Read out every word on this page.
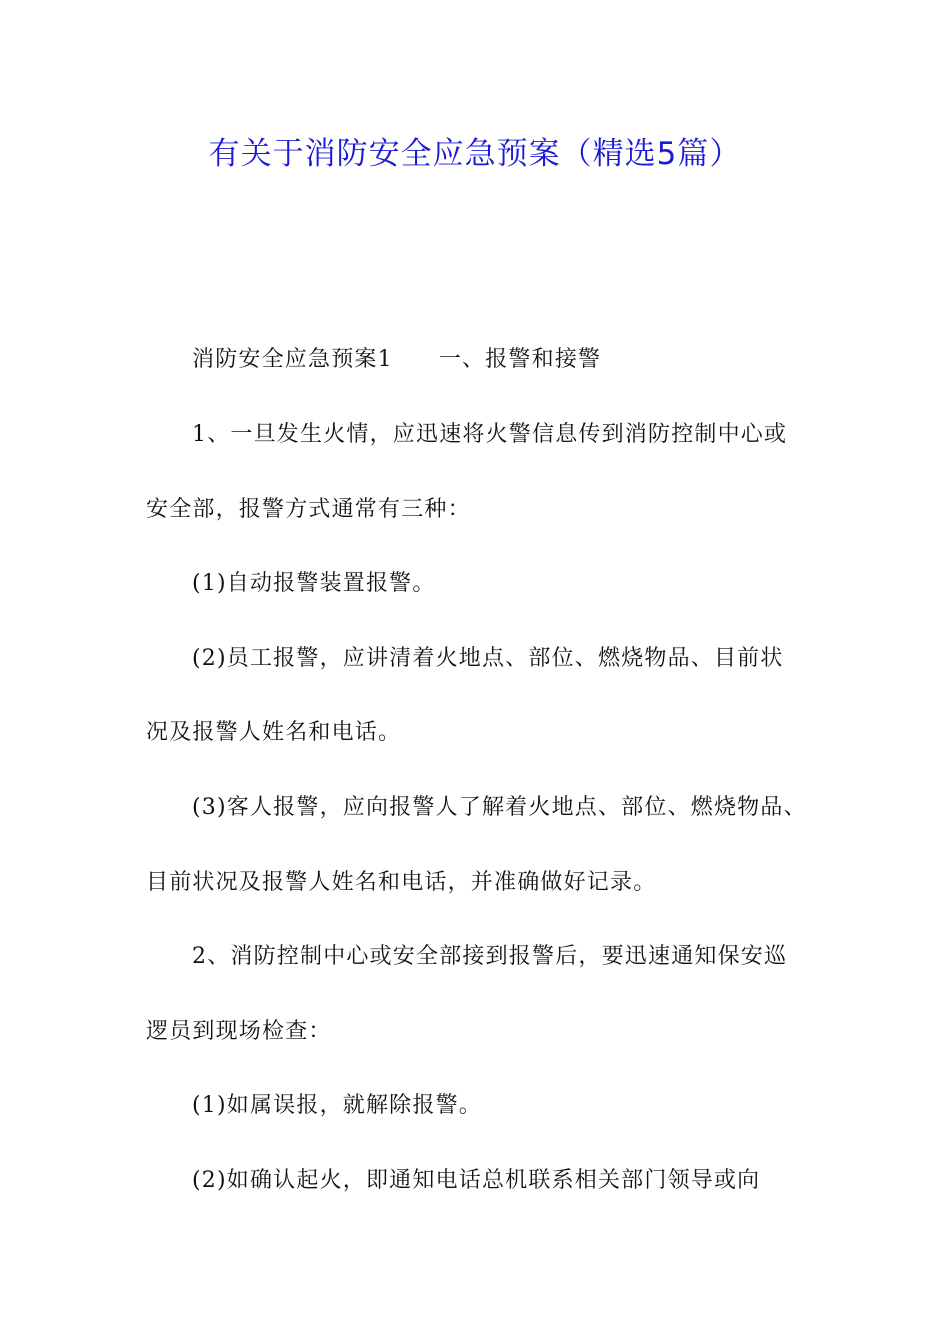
有关于消防安全应急预案（精选5篇）
消防安全应急预案1 一、报警和接警
1、一旦发生火情，应迅速将火警信息传到消防控制中心或
安全部，报警方式通常有三种：
(1)自动报警装置报警。
(2)员工报警，应讲清着火地点、部位、燃烧物品、目前状
况及报警人姓名和电话。
(3)客人报警，应向报警人了解着火地点、部位、燃烧物品、
目前状况及报警人姓名和电话，并准确做好记录。
2、消防控制中心或安全部接到报警后，要迅速通知保安巡
逻员到现场检查：
(1)如属误报，就解除报警。
(2)如确认起火，即通知电话总机联系相关部门领导或向
